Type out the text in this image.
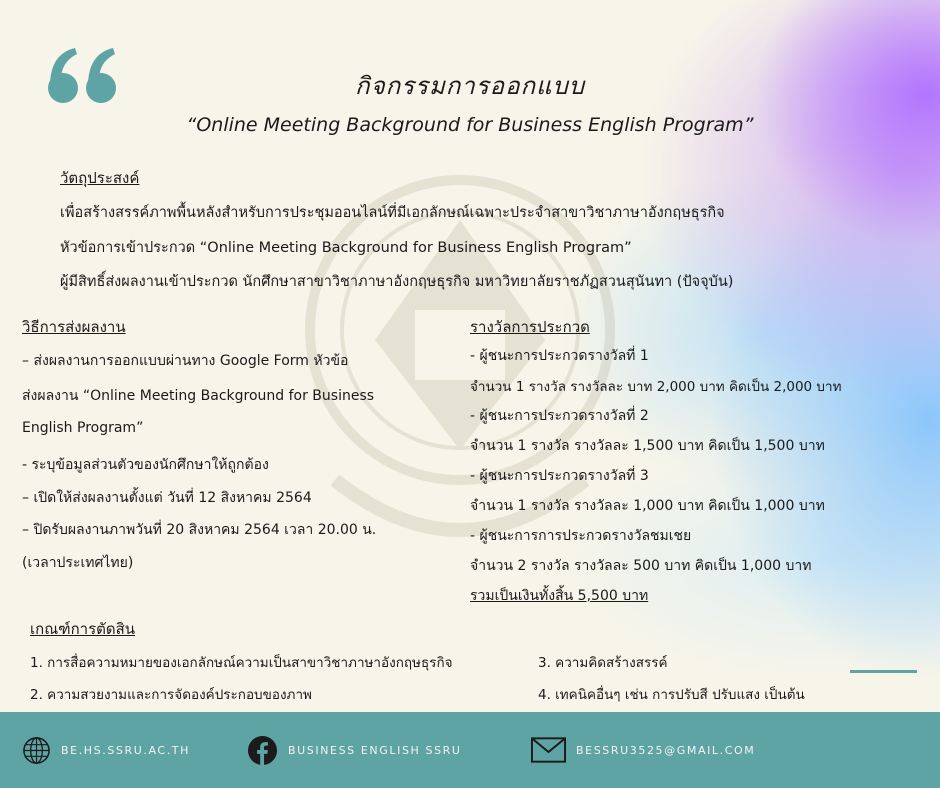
กิจกรรมการออกแบบ
“Online Meeting Background for Business English Program”
วัตถุประสงค์
เพื่อสร้างสรรค์ภาพพื้นหลังสำหรับการประชุมออนไลน์ที่มีเอกลักษณ์เฉพาะประจำสาขาวิชาภาษาอังกฤษธุรกิจ
หัวข้อการเข้าประกวด “Online Meeting Background for Business English Program”
ผู้มีสิทธิ์ส่งผลงานเข้าประกวด นักศึกษาสาขาวิชาภาษาอังกฤษธุรกิจ มหาวิทยาลัยราชภัฏสวนสุนันทา (ปัจจุบัน)
วิธีการส่งผลงาน
– ส่งผลงานการออกแบบผ่านทาง Google Form หัวข้อ
ส่งผลงาน “Online Meeting Background for Business
English Program”
- ระบุข้อมูลส่วนตัวของนักศึกษาให้ถูกต้อง
– เปิดให้ส่งผลงานตั้งแต่ วันที่ 12 สิงหาคม 2564
– ปิดรับผลงานภาพวันที่ 20 สิงหาคม 2564 เวลา 20.00 น.
(เวลาประเทศไทย)
รางวัลการประกวด
- ผู้ชนะการประกวดรางวัลที่ 1
จำนวน 1 รางวัล รางวัลละ บาท 2,000 บาท คิดเป็น 2,000 บาท
- ผู้ชนะการประกวดรางวัลที่ 2
จำนวน 1 รางวัล รางวัลละ 1,500 บาท คิดเป็น 1,500 บาท
- ผู้ชนะการประกวดรางวัลที่ 3
จำนวน 1 รางวัล รางวัลละ 1,000 บาท คิดเป็น 1,000 บาท
- ผู้ชนะการการประกวดรางวัลชมเชย
จำนวน 2 รางวัล รางวัลละ 500 บาท คิดเป็น 1,000 บาท
รวมเป็นเงินทั้งสิ้น 5,500 บาท
เกณฑ์การตัดสิน
1. การสื่อความหมายของเอกลักษณ์ความเป็นสาขาวิชาภาษาอังกฤษธุรกิจ
2. ความสวยงามและการจัดองค์ประกอบของภาพ
3. ความคิดสร้างสรรค์
4. เทคนิคอื่นๆ เช่น การปรับสี ปรับแสง เป็นต้น
BE.HS.SSRU.AC.TH	BUSINESS ENGLISH SSRU	BESSRU3525@GMAIL.COM
